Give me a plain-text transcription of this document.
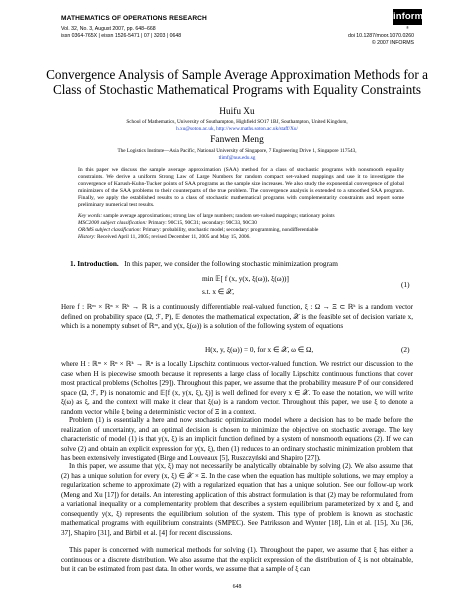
MATHEMATICS OF OPERATIONS RESEARCH
Vol. 32, No. 3, August 2007, pp. 648–668
issn 0364-765X | eissn 1526-5471 | 07 | 3203 | 0648	doi 10.1287/moor.1070.0260
© 2007 INFORMS
informs
®
Convergence Analysis of Sample Average Approximation Methods for a
Class of Stochastic Mathematical Programs with Equality Constraints
Huifu Xu
School of Mathematics, University of Southampton, Highfield SO17 1BJ, Southampton, United Kingdom,
h.xu@soton.ac.uk, http://www.maths.soton.ac.uk/staff/Xu/
Fanwen Meng
The Logistics Institute—Asia Pacific, National University of Singapore, 7 Engineering Drive 1, Singapore 117543,
tlimf@nus.edu.sg
In this paper we discuss the sample average approximation (SAA) method for a class of stochastic programs with nonsmooth equality constraints. We derive a uniform Strong Law of Large Numbers for random compact set-valued mappings and use it to investigate the convergence of Karush-Kuhn-Tucker points of SAA programs as the sample size increases. We also study the exponential convergence of global minimizers of the SAA problems to their counterparts of the true problem. The convergence analysis is extended to a smoothed SAA program. Finally, we apply the established results to a class of stochastic mathematical programs with complementarity constraints and report some preliminary numerical test results.
Key words: sample average approximations; strong law of large numbers; random set-valued mappings; stationary points
MSC2000 subject classification: Primary: 90C15, 90C31; secondary: 90C33, 90C30
OR/MS subject classification: Primary: probability, stochastic model; secondary: programming, nondifferentiable
History: Received April 11, 2005; revised December 11, 2005 and May 15, 2006.
1. Introduction. In this paper, we consider the following stochastic minimization program
min 𝔼[ f (x, y(x, ξ(ω)), ξ(ω))]
s.t. x ∈ 𝒳,
(1)
Here f : ℝᵐ × ℝⁿ × ℝᵏ → ℝ is a continuously differentiable real-valued function, ξ : Ω → Ξ ⊂ ℝᵏ is a random vector defined on probability space (Ω, ℱ, P), 𝔼 denotes the mathematical expectation, 𝒳 is the feasible set of decision variate x, which is a nonempty subset of ℝᵐ, and y(x, ξ(ω)) is a solution of the following system of equations
H(x, y, ξ(ω)) = 0, for x ∈ 𝒳, ω ∈ Ω,	(2)
where H : ℝᵐ × ℝⁿ × ℝᵏ → ℝⁿ is a locally Lipschitz continuous vector-valued function. We restrict our discussion to the case when H is piecewise smooth because it represents a large class of locally Lipschitz continuous functions that cover most practical problems (Scholtes [29]). Throughout this paper, we assume that the probability measure P of our considered space (Ω, ℱ, P) is nonatomic and 𝔼[f (x, y(x, ξ), ξ)] is well defined for every x ∈ 𝒳. To ease the notation, we will write ξ(ω) as ξ, and the context will make it clear that ξ(ω) is a random vector. Throughout this paper, we use ξ to denote a random vector while ξ being a deterministic vector of Ξ in a context.
Problem (1) is essentially a here and now stochastic optimization model where a decision has to be made before the realization of uncertainty, and an optimal decision is chosen to minimize the objective on stochastic average. The key characteristic of model (1) is that y(x, ξ) is an implicit function defined by a system of nonsmooth equations (2). If we can solve (2) and obtain an explicit expression for y(x, ξ), then (1) reduces to an ordinary stochastic minimization problem that has been extensively investigated (Birge and Louveaux [5], Ruszczyński and Shapiro [27]).
In this paper, we assume that y(x, ξ) may not necessarily be analytically obtainable by solving (2). We also assume that (2) has a unique solution for every (x, ξ) ∈ 𝒳 × Ξ. In the case when the equation has multiple solutions, we may employ a regularization scheme to approximate (2) with a regularized equation that has a unique solution. See our follow-up work (Meng and Xu [17]) for details. An interesting application of this abstract formulation is that (2) may be reformulated from a variational inequality or a complementarity problem that describes a system equilibrium parameterized by x and ξ, and consequently y(x, ξ) represents the equilibrium solution of the system. This type of problem is known as stochastic mathematical programs with equilibrium constraints (SMPEC). See Patriksson and Wynter [18], Lin et al. [15], Xu [36, 37], Shapiro [31], and Birbil et al. [4] for recent discussions.
This paper is concerned with numerical methods for solving (1). Throughout the paper, we assume that ξ has either a continuous or a discrete distribution. We also assume that the explicit expression of the distribution of ξ is not obtainable, but it can be estimated from past data. In other words, we assume that a sample of ξ can
648
